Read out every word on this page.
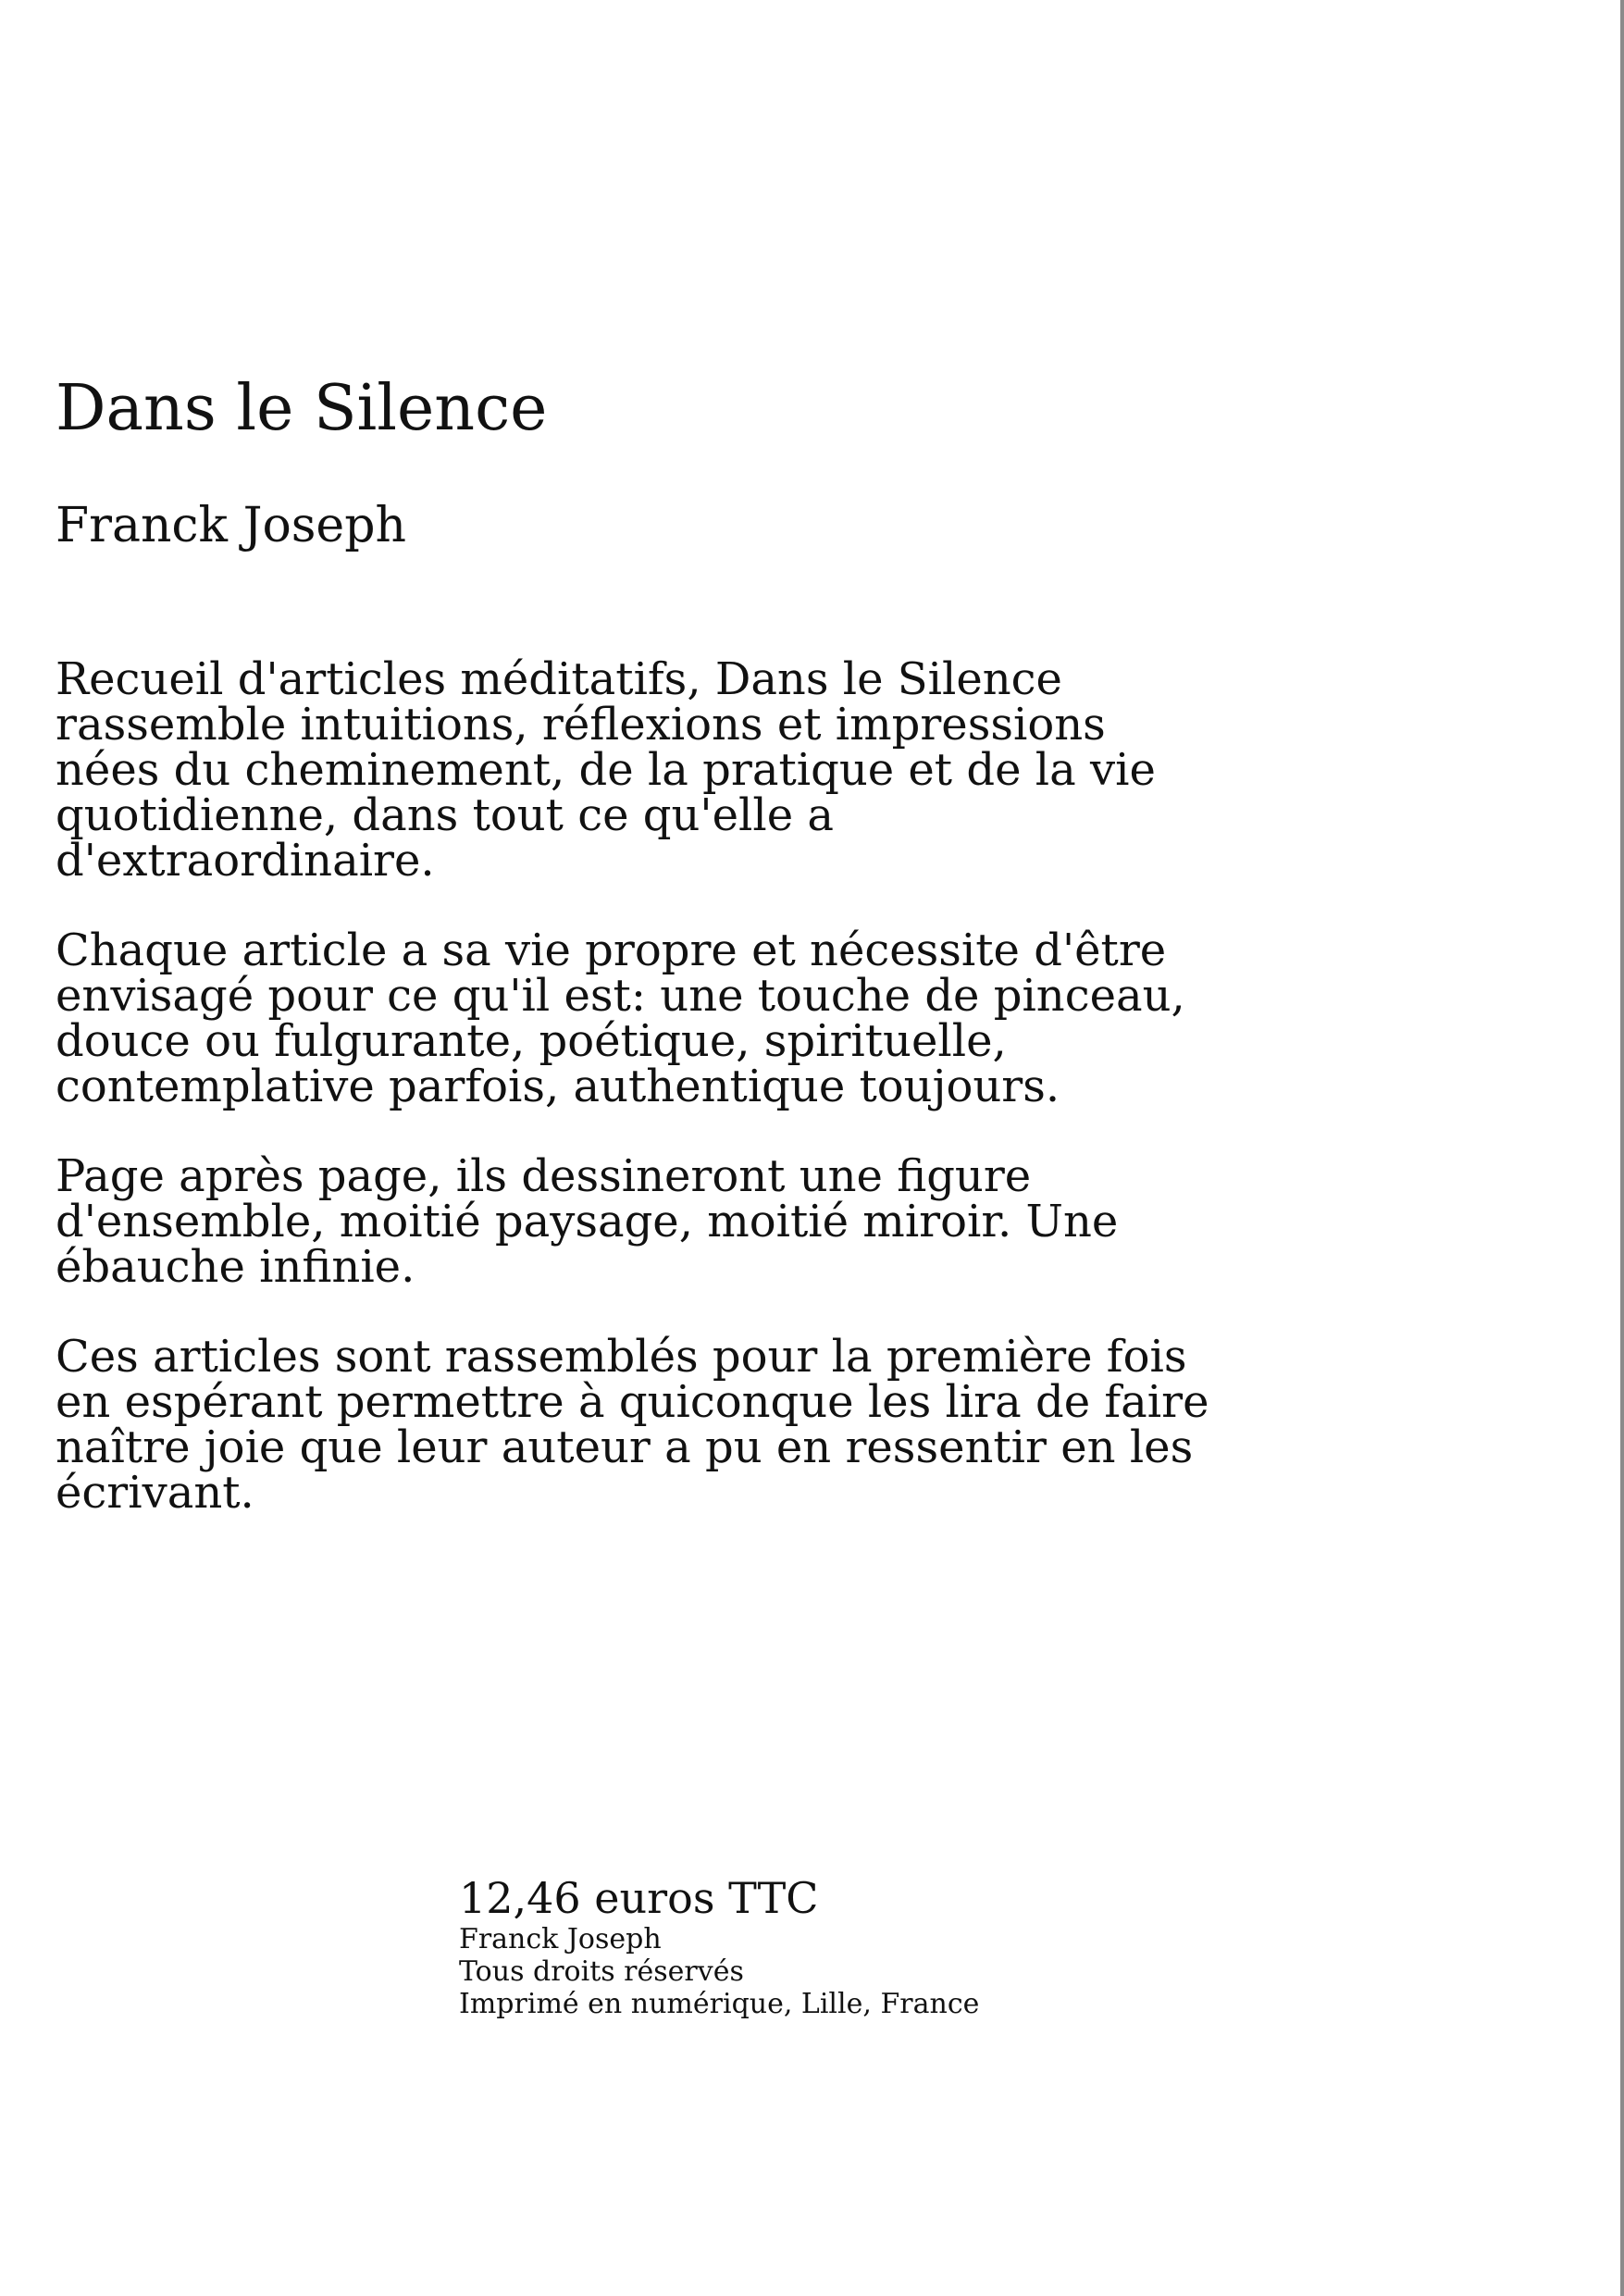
Dans le Silence
Franck Joseph

Recueil d'articles méditatifs, Dans le Silence rassemble intuitions, réflexions et impressions nées du cheminement, de la pratique et de la vie quotidienne, dans tout ce qu'elle a d'extraordinaire.

Chaque article a sa vie propre et nécessite d'être envisagé pour ce qu'il est: une touche de pinceau, douce ou fulgurante, poétique, spirituelle, contemplative parfois, authentique toujours.

Page après page, ils dessineront une figure d'ensemble, moitié paysage, moitié miroir. Une ébauche infinie.

Ces articles sont rassemblés pour la première fois en espérant permettre à quiconque les lira de faire naître joie que leur auteur a pu en ressentir en les écrivant.

12,46 euros TTC

Franck Joseph

Tous droits réservés

Imprimé en numérique, Lille, France
